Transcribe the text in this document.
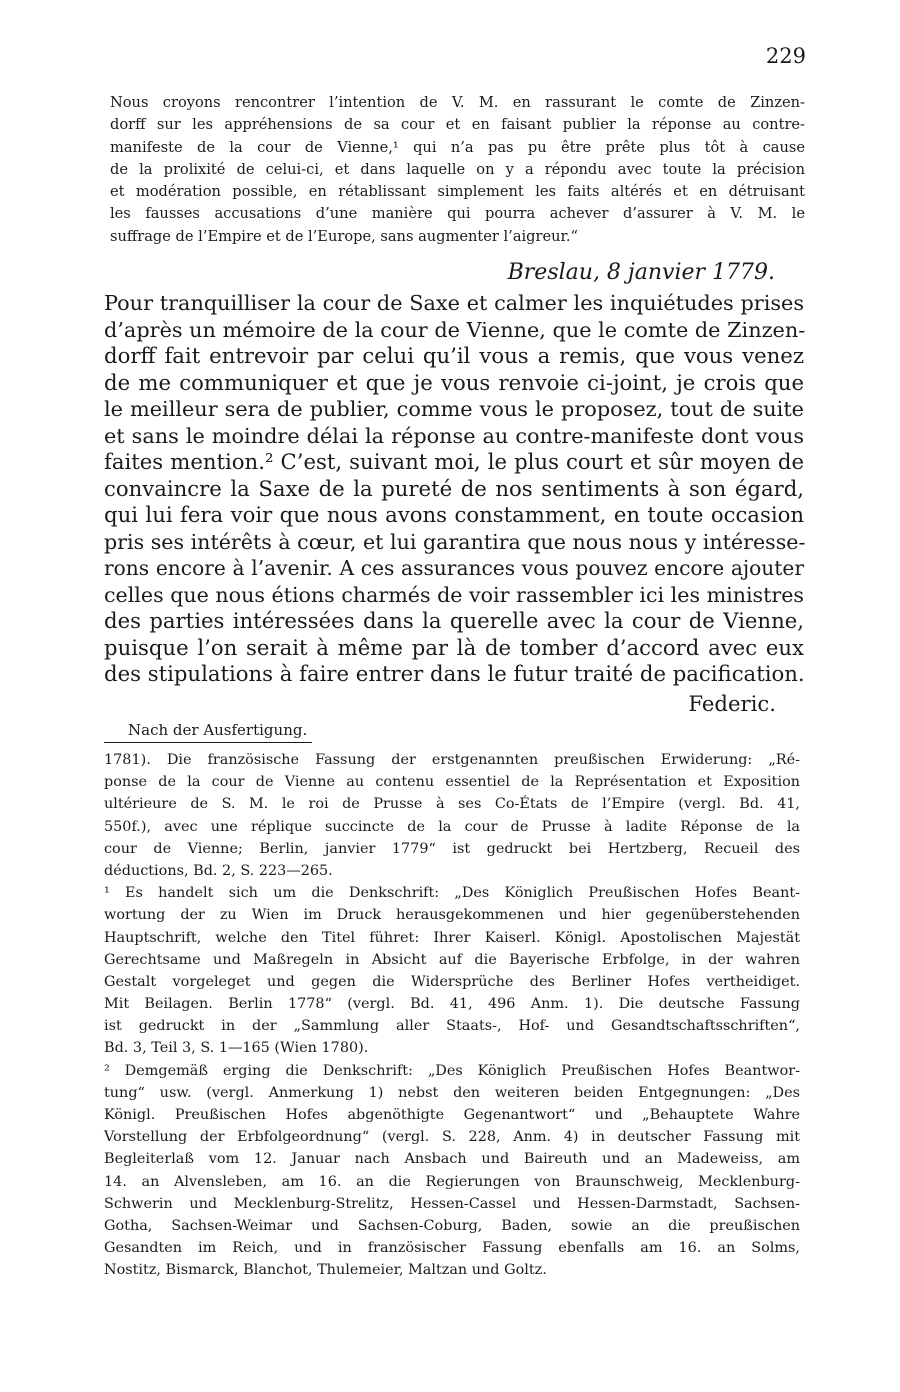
229
Nous croyons rencontrer l’intention de V. M. en rassurant le comte de Zinzen-
dorff sur les appréhensions de sa cour et en faisant publier la réponse au contre-
manifeste de la cour de Vienne,¹ qui n’a pas pu être prête plus tôt à cause
de la prolixité de celui-ci, et dans laquelle on y a répondu avec toute la précision
et modération possible, en rétablissant simplement les faits altérés et en détruisant
les fausses accusations d’une manière qui pourra achever d’assurer à V. M. le
suffrage de l’Empire et de l’Europe, sans augmenter l’aigreur.“
Breslau, 8 janvier 1779.
Pour tranquilliser la cour de Saxe et calmer les inquiétudes prises
d’après un mémoire de la cour de Vienne, que le comte de Zinzen-
dorff fait entrevoir par celui qu’il vous a remis, que vous venez
de me communiquer et que je vous renvoie ci-joint, je crois que
le meilleur sera de publier, comme vous le proposez, tout de suite
et sans le moindre délai la réponse au contre-manifeste dont vous
faites mention.² C’est, suivant moi, le plus court et sûr moyen de
convaincre la Saxe de la pureté de nos sentiments à son égard,
qui lui fera voir que nous avons constamment, en toute occasion
pris ses intérêts à cœur, et lui garantira que nous nous y intéresse-
rons encore à l’avenir. A ces assurances vous pouvez encore ajouter
celles que nous étions charmés de voir rassembler ici les ministres
des parties intéressées dans la querelle avec la cour de Vienne,
puisque l’on serait à même par là de tomber d’accord avec eux
des stipulations à faire entrer dans le futur traité de pacification.
Federic.
Nach der Ausfertigung.
1781). Die französische Fassung der erstgenannten preußischen Erwiderung: „Ré-
ponse de la cour de Vienne au contenu essentiel de la Représentation et Exposition
ultérieure de S. M. le roi de Prusse à ses Co-États de l’Empire (vergl. Bd. 41,
550f.), avec une réplique succincte de la cour de Prusse à ladite Réponse de la
cour de Vienne; Berlin, janvier 1779“ ist gedruckt bei Hertzberg, Recueil des
déductions, Bd. 2, S. 223—265.
¹ Es handelt sich um die Denkschrift: „Des Königlich Preußischen Hofes Beant-
wortung der zu Wien im Druck herausgekommenen und hier gegenüberstehenden
Hauptschrift, welche den Titel führet: Ihrer Kaiserl. Königl. Apostolischen Majestät
Gerechtsame und Maßregeln in Absicht auf die Bayerische Erbfolge, in der wahren
Gestalt vorgeleget und gegen die Widersprüche des Berliner Hofes vertheidiget.
Mit Beilagen. Berlin 1778“ (vergl. Bd. 41, 496 Anm. 1). Die deutsche Fassung
ist gedruckt in der „Sammlung aller Staats-, Hof- und Gesandtschaftsschriften“,
Bd. 3, Teil 3, S. 1—165 (Wien 1780).
² Demgemäß erging die Denkschrift: „Des Königlich Preußischen Hofes Beantwor-
tung“ usw. (vergl. Anmerkung 1) nebst den weiteren beiden Entgegnungen: „Des
Königl. Preußischen Hofes abgenöthigte Gegenantwort“ und „Behauptete Wahre
Vorstellung der Erbfolgeordnung“ (vergl. S. 228, Anm. 4) in deutscher Fassung mit
Begleiterlaß vom 12. Januar nach Ansbach und Baireuth und an Madeweiss, am
14. an Alvensleben, am 16. an die Regierungen von Braunschweig, Mecklenburg-
Schwerin und Mecklenburg-Strelitz, Hessen-Cassel und Hessen-Darmstadt, Sachsen-
Gotha, Sachsen-Weimar und Sachsen-Coburg, Baden, sowie an die preußischen
Gesandten im Reich, und in französischer Fassung ebenfalls am 16. an Solms,
Nostitz, Bismarck, Blanchot, Thulemeier, Maltzan und Goltz.
